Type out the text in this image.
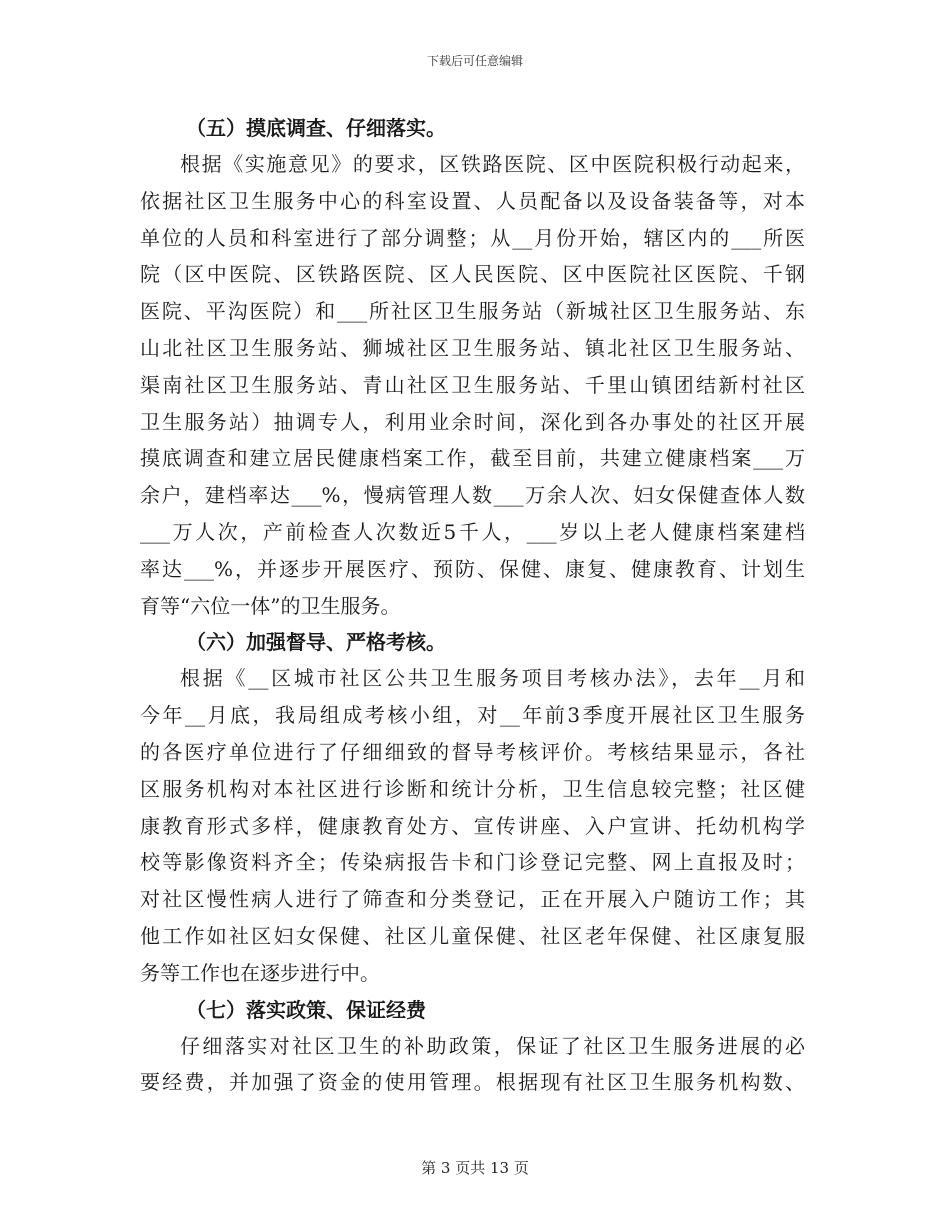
下载后可任意编辑
（五）摸底调查、仔细落实。
根据《实施意见》的要求，区铁路医院、区中医院积极行动起来，
依据社区卫生服务中心的科室设置、人员配备以及设备装备等，对本
单位的人员和科室进行了部分调整；从__月份开始，辖区内的___所医
院（区中医院、区铁路医院、区人民医院、区中医院社区医院、千钢
医院、平沟医院）和___所社区卫生服务站（新城社区卫生服务站、东
山北社区卫生服务站、狮城社区卫生服务站、镇北社区卫生服务站、
渠南社区卫生服务站、青山社区卫生服务站、千里山镇团结新村社区
卫生服务站）抽调专人，利用业余时间，深化到各办事处的社区开展
摸底调查和建立居民健康档案工作，截至目前，共建立健康档案___万
余户，建档率达___%，慢病管理人数___万余人次、妇女保健查体人数
___万人次，产前检查人次数近5千人，___岁以上老人健康档案建档
率达___%，并逐步开展医疗、预防、保健、康复、健康教育、计划生
育等“六位一体”的卫生服务。
（六）加强督导、严格考核。
根据《__区城市社区公共卫生服务项目考核办法》，去年__月和
今年__月底，我局组成考核小组，对__年前3季度开展社区卫生服务
的各医疗单位进行了仔细细致的督导考核评价。考核结果显示，各社
区服务机构对本社区进行诊断和统计分析，卫生信息较完整；社区健
康教育形式多样，健康教育处方、宣传讲座、入户宣讲、托幼机构学
校等影像资料齐全；传染病报告卡和门诊登记完整、网上直报及时；
对社区慢性病人进行了筛查和分类登记，正在开展入户随访工作；其
他工作如社区妇女保健、社区儿童保健、社区老年保健、社区康复服
务等工作也在逐步进行中。
（七）落实政策、保证经费
仔细落实对社区卫生的补助政策，保证了社区卫生服务进展的必
要经费，并加强了资金的使用管理。根据现有社区卫生服务机构数、
第 3 页共 13 页
